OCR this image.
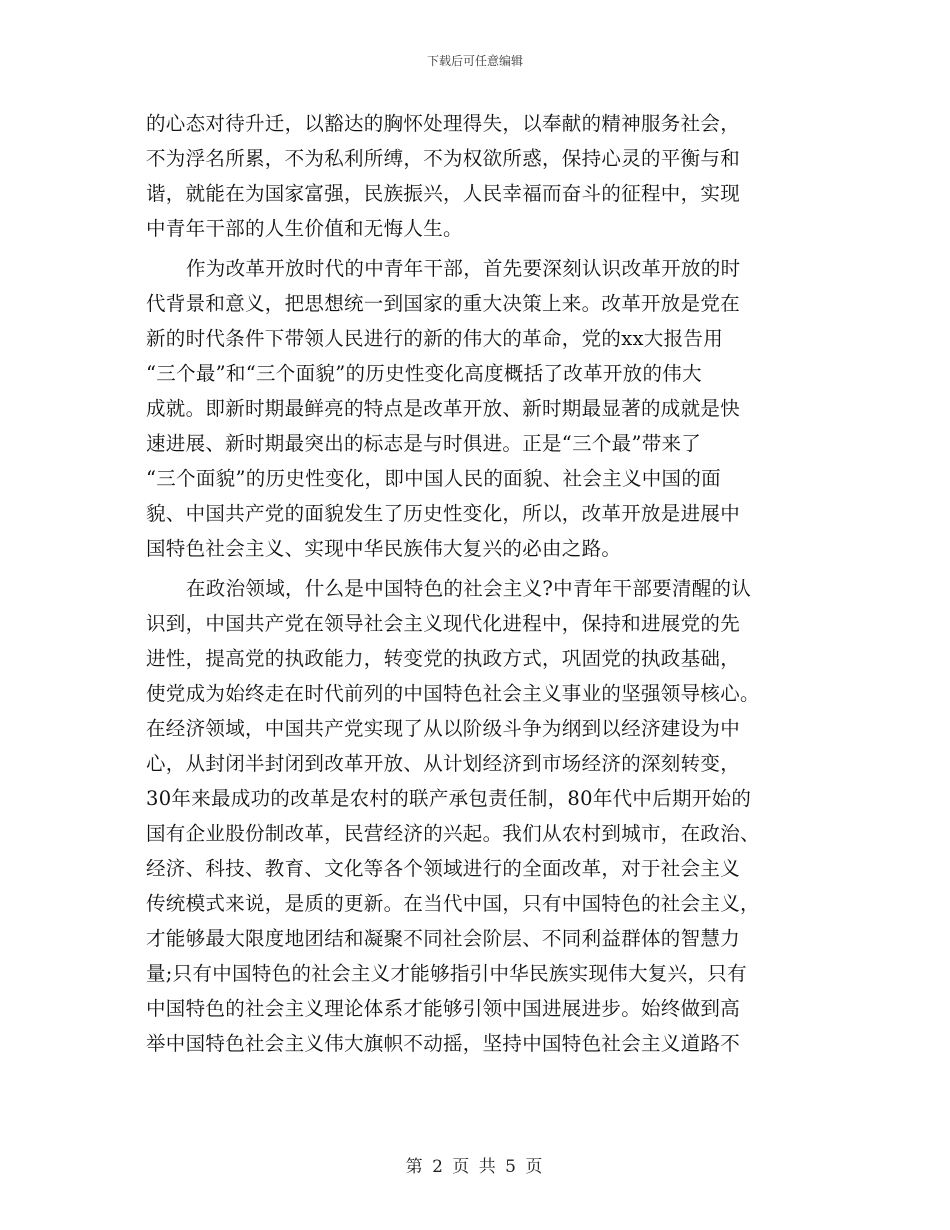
下载后可任意编辑
的心态对待升迁，以豁达的胸怀处理得失，以奉献的精神服务社会，
不为浮名所累，不为私利所缚，不为权欲所惑，保持心灵的平衡与和
谐，就能在为国家富强，民族振兴，人民幸福而奋斗的征程中，实现
中青年干部的人生价值和无悔人生。
作为改革开放时代的中青年干部，首先要深刻认识改革开放的时
代背景和意义，把思想统一到国家的重大决策上来。改革开放是党在
新的时代条件下带领人民进行的新的伟大的革命，党的xx大报告用
“三个最”和“三个面貌”的历史性变化高度概括了改革开放的伟大
成就。即新时期最鲜亮的特点是改革开放、新时期最显著的成就是快
速进展、新时期最突出的标志是与时俱进。正是“三个最”带来了
“三个面貌”的历史性变化，即中国人民的面貌、社会主义中国的面
貌、中国共产党的面貌发生了历史性变化，所以，改革开放是进展中
国特色社会主义、实现中华民族伟大复兴的必由之路。
在政治领域，什么是中国特色的社会主义?中青年干部要清醒的认
识到，中国共产党在领导社会主义现代化进程中，保持和进展党的先
进性，提高党的执政能力，转变党的执政方式，巩固党的执政基础，
使党成为始终走在时代前列的中国特色社会主义事业的坚强领导核心。
在经济领域，中国共产党实现了从以阶级斗争为纲到以经济建设为中
心，从封闭半封闭到改革开放、从计划经济到市场经济的深刻转变，
30年来最成功的改革是农村的联产承包责任制，80年代中后期开始的
国有企业股份制改革，民营经济的兴起。我们从农村到城市，在政治、
经济、科技、教育、文化等各个领域进行的全面改革，对于社会主义
传统模式来说，是质的更新。在当代中国，只有中国特色的社会主义，
才能够最大限度地团结和凝聚不同社会阶层、不同利益群体的智慧力
量;只有中国特色的社会主义才能够指引中华民族实现伟大复兴，只有
中国特色的社会主义理论体系才能够引领中国进展进步。始终做到高
举中国特色社会主义伟大旗帜不动摇，坚持中国特色社会主义道路不
第 2 页 共 5 页
